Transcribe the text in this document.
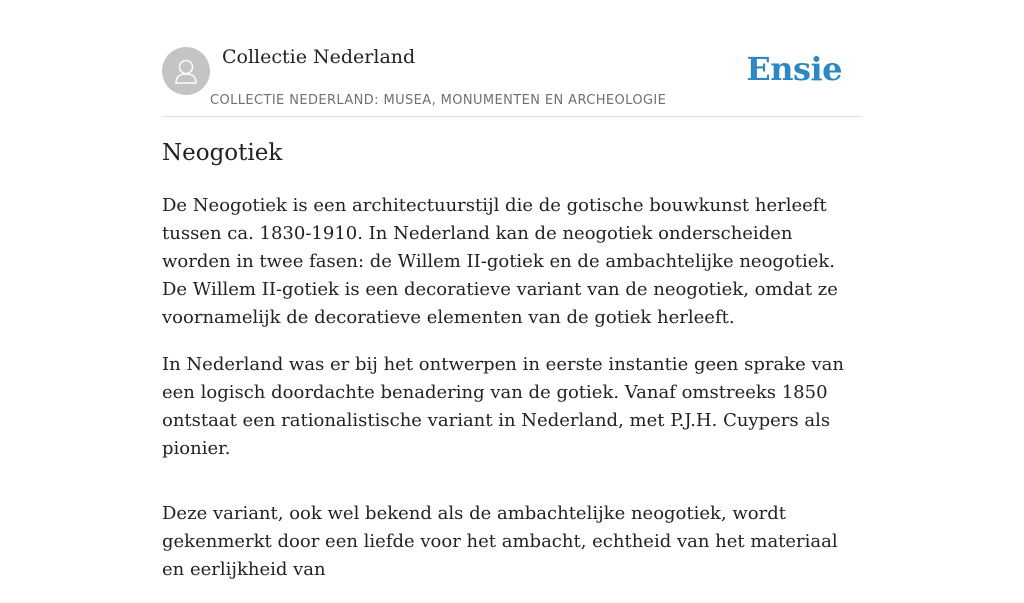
Collectie Nederland

COLLECTIE NEDERLAND: MUSEA, MONUMENTEN EN ARCHEOLOGIE
Ensie
Neogotiek

De Neogotiek is een architectuurstijl die de gotische bouwkunst herleeft tussen ca. 1830-1910. In Nederland kan de neogotiek onderscheiden worden in twee fasen: de Willem II-gotiek en de ambachtelijke neogotiek. De Willem II-gotiek is een decoratieve variant van de neogotiek, omdat ze voornamelijk de decoratieve elementen van de gotiek herleeft.

In Nederland was er bij het ontwerpen in eerste instantie geen sprake van een logisch doordachte benadering van de gotiek. Vanaf omstreeks 1850 ontstaat een rationalistische variant in Nederland, met P.J.H. Cuypers als pionier.

Deze variant, ook wel bekend als de ambachtelijke neogotiek, wordt gekenmerkt door een liefde voor het ambacht, echtheid van het materiaal en eerlijkheid van
